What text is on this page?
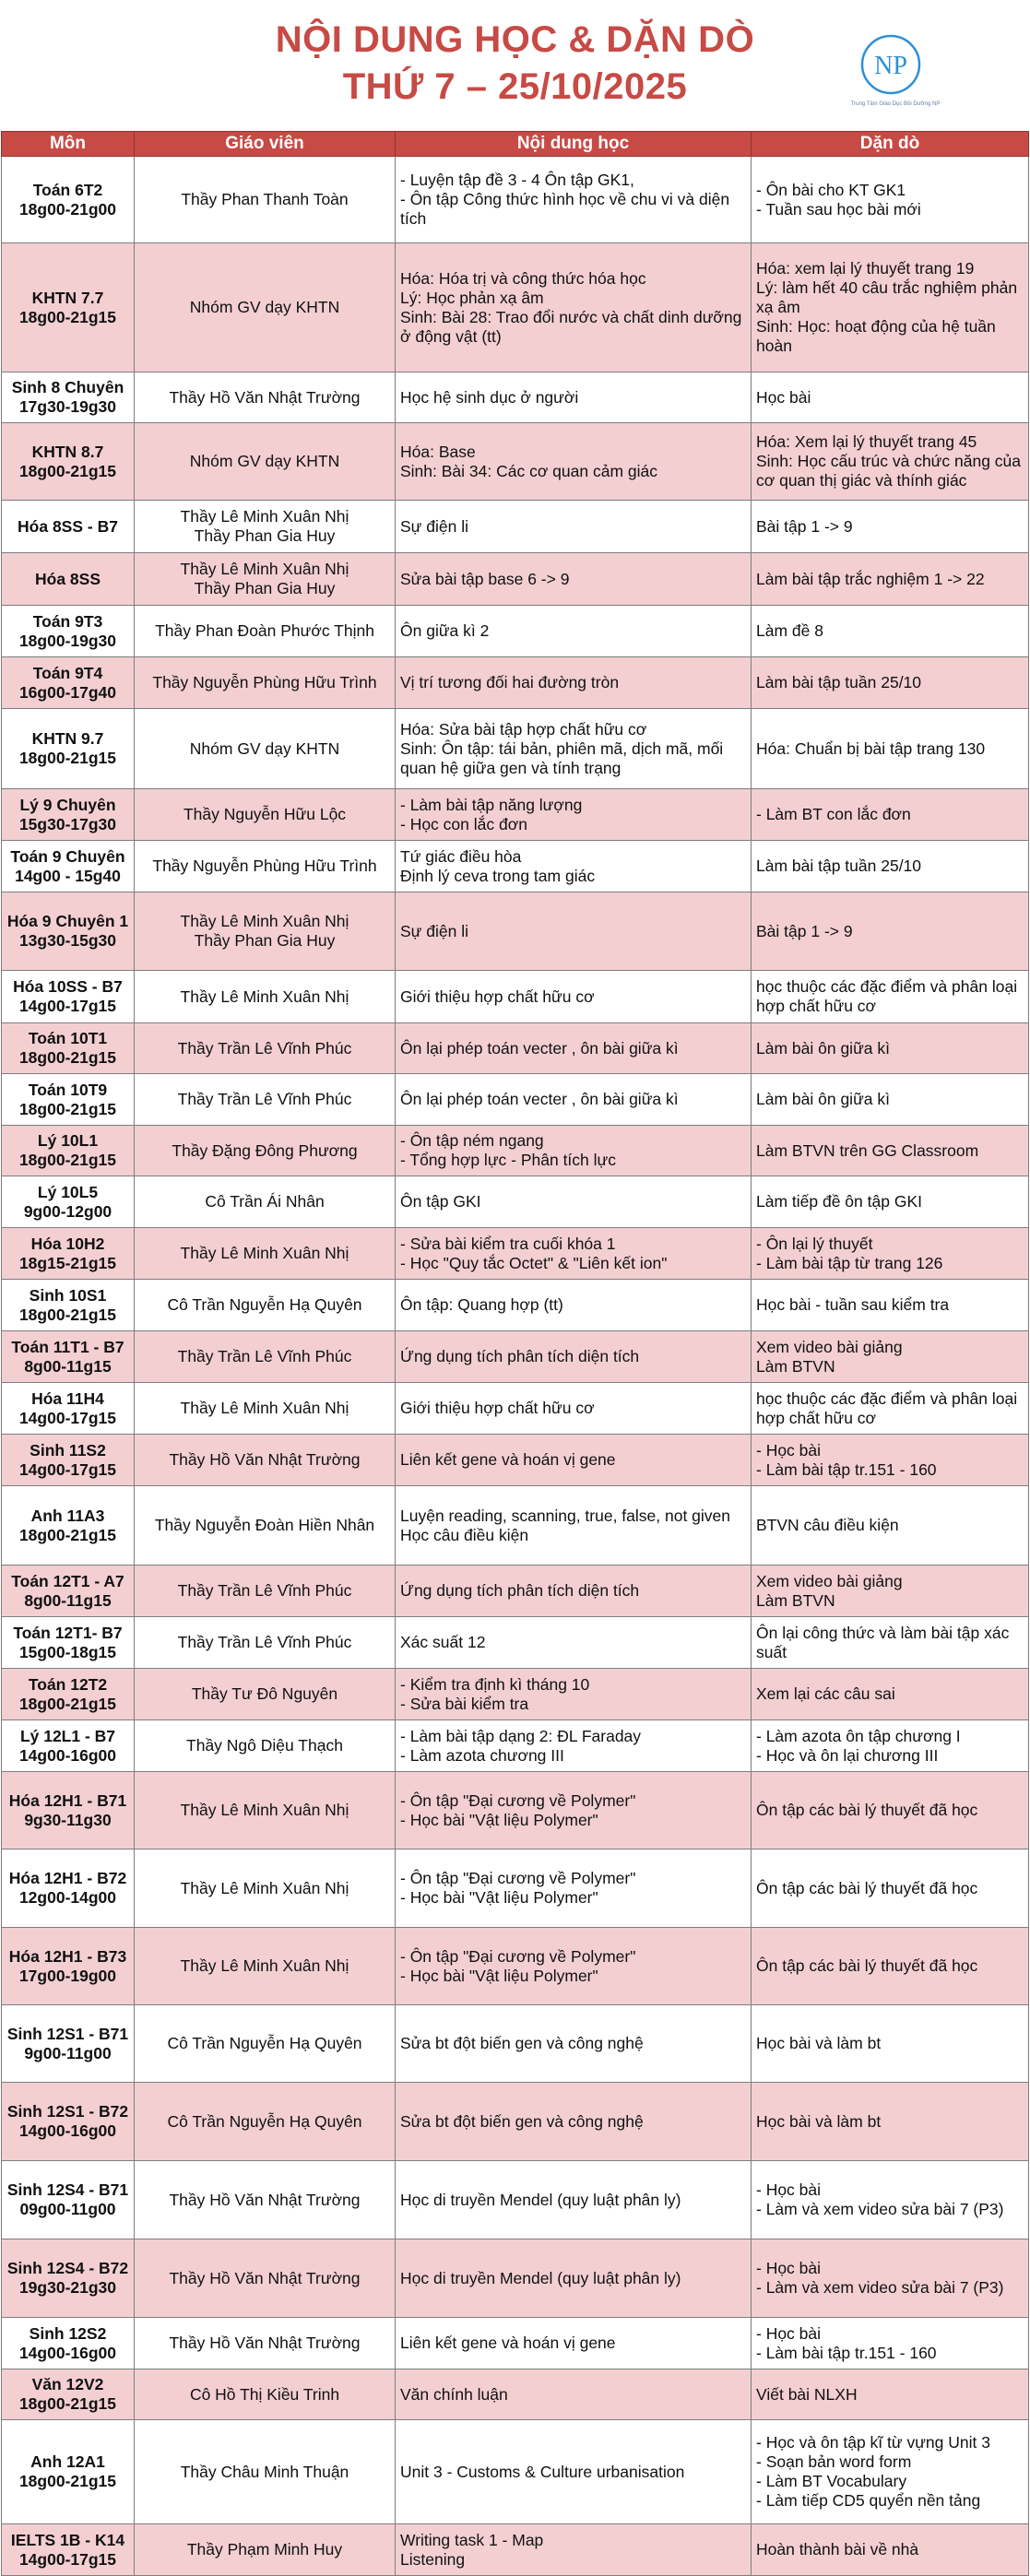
NỘI DUNG HỌC & DẶN DÒ
THỨ 7 – 25/10/2025
NP
Trung Tâm Giáo Dục Bồi Dưỡng NP
Môn	Giáo viên	Nội dung học	Dặn dò
Toán 6T2
18g00-21g00	Thầy Phan Thanh Toàn	- Luyện tập đề 3 - 4 Ôn tập GK1,
- Ôn tập Công thức hình học về chu vi và diện tích	- Ôn bài cho KT GK1
- Tuần sau học bài mới
KHTN 7.7
18g00-21g15	Nhóm GV dạy KHTN	Hóa: Hóa trị và công thức hóa học
Lý: Học phản xạ âm
Sinh: Bài 28: Trao đổi nước và chất dinh dưỡng ở động vật (tt)	Hóa: xem lại lý thuyết trang 19
Lý: làm hết 40 câu trắc nghiệm phản xạ âm
Sinh: Học: hoạt động của hệ tuần hoàn
Sinh 8 Chuyên
17g30-19g30	Thầy Hồ Văn Nhật Trường	Học hệ sinh dục ở người	Học bài
KHTN 8.7
18g00-21g15	Nhóm GV dạy KHTN	Hóa: Base
Sinh: Bài 34: Các cơ quan cảm giác	Hóa: Xem lại lý thuyết trang 45
Sinh: Học cấu trúc và chức năng của cơ quan thị giác và thính giác
Hóa 8SS - B7	Thầy Lê Minh Xuân Nhị
Thầy Phan Gia Huy	Sự điện li	Bài tập 1 -> 9
Hóa 8SS	Thầy Lê Minh Xuân Nhị
Thầy Phan Gia Huy	Sửa bài tập base 6 -> 9	Làm bài tập trắc nghiệm 1 -> 22
Toán 9T3
18g00-19g30	Thầy Phan Đoàn Phước Thịnh	Ôn giữa kì 2	Làm đề 8
Toán 9T4
16g00-17g40	Thầy Nguyễn Phùng Hữu Trình	Vị trí tương đối hai đường tròn	Làm bài tập tuần 25/10
KHTN 9.7
18g00-21g15	Nhóm GV dạy KHTN	Hóa: Sửa bài tập hợp chất hữu cơ
Sinh: Ôn tập: tái bản, phiên mã, dịch mã, mối quan hệ giữa gen và tính trạng	Hóa: Chuẩn bị bài tập trang 130
Lý 9 Chuyên
15g30-17g30	Thầy Nguyễn Hữu Lộc	- Làm bài tập năng lượng
- Học con lắc đơn	- Làm BT con lắc đơn
Toán 9 Chuyên
14g00 - 15g40	Thầy Nguyễn Phùng Hữu Trình	Tứ giác điều hòa
Định lý ceva trong tam giác	Làm bài tập tuần 25/10
Hóa 9 Chuyên 1
13g30-15g30	Thầy Lê Minh Xuân Nhị
Thầy Phan Gia Huy	Sự điện li	Bài tập 1 -> 9
Hóa 10SS - B7
14g00-17g15	Thầy Lê Minh Xuân Nhị	Giới thiệu hợp chất hữu cơ	học thuộc các đặc điểm và phân loại hợp chất hữu cơ
Toán 10T1
18g00-21g15	Thầy Trần Lê Vĩnh Phúc	Ôn lại phép toán vecter , ôn bài giữa kì	Làm bài ôn giữa kì
Toán 10T9
18g00-21g15	Thầy Trần Lê Vĩnh Phúc	Ôn lại phép toán vecter , ôn bài giữa kì	Làm bài ôn giữa kì
Lý 10L1
18g00-21g15	Thầy Đặng Đông Phương	- Ôn tập ném ngang
- Tổng hợp lực - Phân tích lực	Làm BTVN trên GG Classroom
Lý 10L5
9g00-12g00	Cô Trần Ái Nhân	Ôn tập GKI	Làm tiếp đề ôn tập GKI
Hóa 10H2
18g15-21g15	Thầy Lê Minh Xuân Nhị	- Sửa bài kiểm tra cuối khóa 1
- Học "Quy tắc Octet" & "Liên kết ion"	- Ôn lại lý thuyết
- Làm bài tập từ trang 126
Sinh 10S1
18g00-21g15	Cô Trần Nguyễn Hạ Quyên	Ôn tập: Quang hợp (tt)	Học bài - tuần sau kiểm tra
Toán 11T1 - B7
8g00-11g15	Thầy Trần Lê Vĩnh Phúc	Ứng dụng tích phân tích diện tích	Xem video bài giảng
Làm BTVN
Hóa 11H4
14g00-17g15	Thầy Lê Minh Xuân Nhị	Giới thiệu hợp chất hữu cơ	học thuộc các đặc điểm và phân loại hợp chất hữu cơ
Sinh 11S2
14g00-17g15	Thầy Hồ Văn Nhật Trường	Liên kết gene và hoán vị gene	- Học bài
- Làm bài tập tr.151 - 160
Anh 11A3
18g00-21g15	Thầy Nguyễn Đoàn Hiền Nhân	Luyện reading, scanning, true, false, not given
Học câu điều kiện	BTVN câu điều kiện
Toán 12T1 - A7
8g00-11g15	Thầy Trần Lê Vĩnh Phúc	Ứng dụng tích phân tích diện tích	Xem video bài giảng
Làm BTVN
Toán 12T1- B7
15g00-18g15	Thầy Trần Lê Vĩnh Phúc	Xác suất 12	Ôn lại công thức và làm bài tập xác suất
Toán 12T2
18g00-21g15	Thầy Tư Đô Nguyên	- Kiểm tra định kì tháng 10
- Sửa bài kiểm tra	Xem lại các câu sai
Lý 12L1 - B7
14g00-16g00	Thầy Ngô Diệu Thạch	- Làm bài tập dạng 2: ĐL Faraday
- Làm azota chương III	- Làm azota ôn tập chương I
- Học và ôn lại chương III
Hóa 12H1 - B71
9g30-11g30	Thầy Lê Minh Xuân Nhị	- Ôn tập "Đại cương về Polymer"
- Học bài "Vật liệu Polymer"	Ôn tập các bài lý thuyết đã học
Hóa 12H1 - B72
12g00-14g00	Thầy Lê Minh Xuân Nhị	- Ôn tập "Đại cương về Polymer"
- Học bài "Vật liệu Polymer"	Ôn tập các bài lý thuyết đã học
Hóa 12H1 - B73
17g00-19g00	Thầy Lê Minh Xuân Nhị	- Ôn tập "Đại cương về Polymer"
- Học bài "Vật liệu Polymer"	Ôn tập các bài lý thuyết đã học
Sinh 12S1 - B71
9g00-11g00	Cô Trần Nguyễn Hạ Quyên	Sửa bt đột biến gen và công nghệ	Học bài và làm bt
Sinh 12S1 - B72
14g00-16g00	Cô Trần Nguyễn Hạ Quyên	Sửa bt đột biến gen và công nghệ	Học bài và làm bt
Sinh 12S4 - B71
09g00-11g00	Thầy Hồ Văn Nhật Trường	Học di truyền Mendel (quy luật phân ly)	- Học bài
- Làm và xem video sửa bài 7 (P3)
Sinh 12S4 - B72
19g30-21g30	Thầy Hồ Văn Nhật Trường	Học di truyền Mendel (quy luật phân ly)	- Học bài
- Làm và xem video sửa bài 7 (P3)
Sinh 12S2
14g00-16g00	Thầy Hồ Văn Nhật Trường	Liên kết gene và hoán vị gene	- Học bài
- Làm bài tập tr.151 - 160
Văn 12V2
18g00-21g15	Cô Hồ Thị Kiều Trinh	Văn chính luận	Viết bài NLXH
Anh 12A1
18g00-21g15	Thầy Châu Minh Thuận	Unit 3 - Customs & Culture urbanisation	- Học và ôn tập kĩ từ vựng Unit 3
- Soạn bản word form
- Làm BT Vocabulary
- Làm tiếp CD5 quyển nền tảng
IELTS 1B - K14
14g00-17g15	Thầy Phạm Minh Huy	Writing task 1 - Map
Listening	Hoàn thành bài về nhà
